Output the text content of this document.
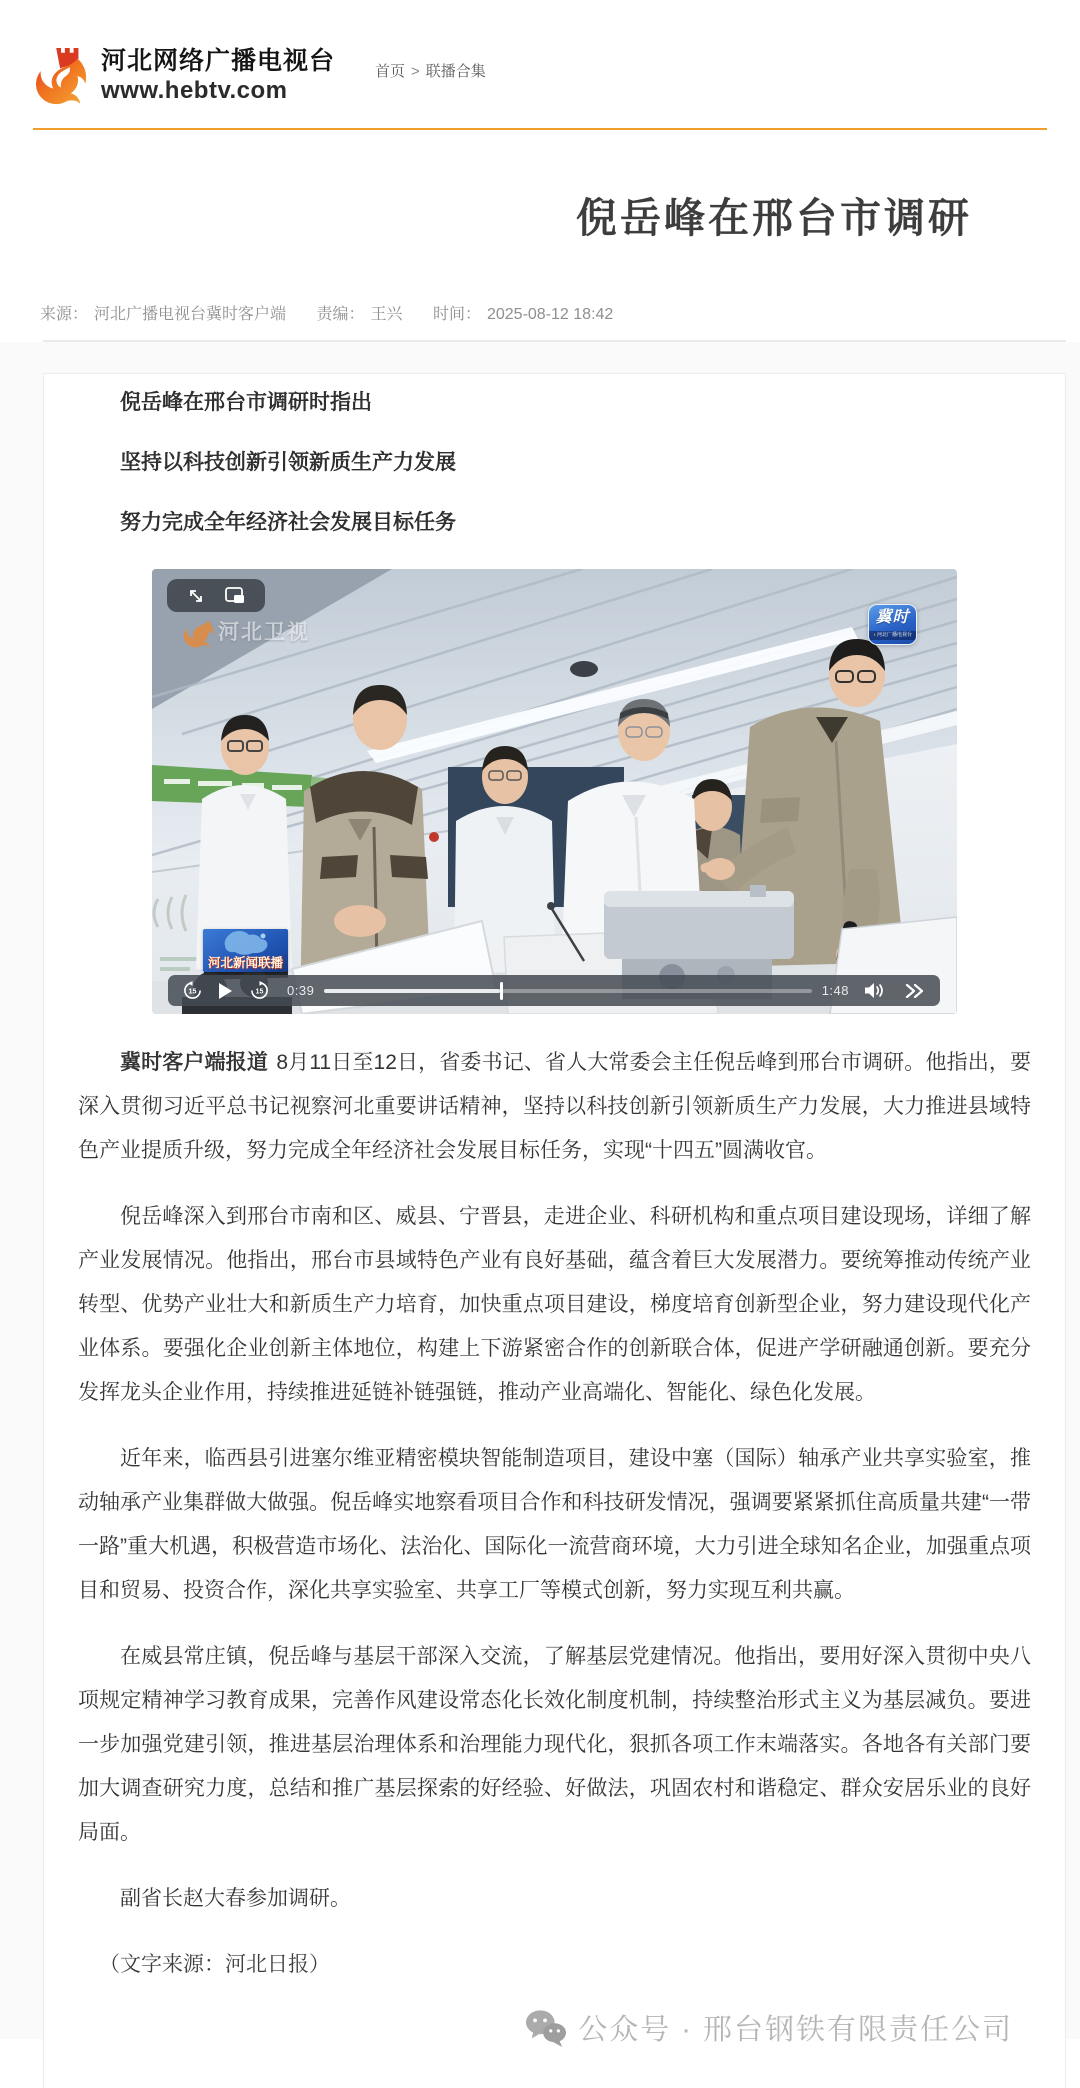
河北网络广播电视台
www.hebtv.com
首页 > 联播合集
倪岳峰在邢台市调研
来源： 河北广播电视台冀时客户端 责编： 王兴 时间： 2025-08-12 18:42

倪岳峰在邢台市调研时指出

坚持以科技创新引领新质生产力发展

努力完成全年经济社会发展目标任务

河北卫视
冀时
◖河北广播电视台
河北新闻联播
15	15 0:39	1:48

冀时客户端报道 8月11日至12日，省委书记、省人大常委会主任倪岳峰到邢台市调研。他指出，要深入贯彻习近平总书记视察河北重要讲话精神，坚持以科技创新引领新质生产力发展，大力推进县域特色产业提质升级，努力完成全年经济社会发展目标任务，实现“十四五”圆满收官。

倪岳峰深入到邢台市南和区、威县、宁晋县，走进企业、科研机构和重点项目建设现场，详细了解产业发展情况。他指出，邢台市县域特色产业有良好基础，蕴含着巨大发展潜力。要统筹推动传统产业转型、优势产业壮大和新质生产力培育，加快重点项目建设，梯度培育创新型企业，努力建设现代化产业体系。要强化企业创新主体地位，构建上下游紧密合作的创新联合体，促进产学研融通创新。要充分发挥龙头企业作用，持续推进延链补链强链，推动产业高端化、智能化、绿色化发展。

近年来，临西县引进塞尔维亚精密模块智能制造项目，建设中塞（国际）轴承产业共享实验室，推动轴承产业集群做大做强。倪岳峰实地察看项目合作和科技研发情况，强调要紧紧抓住高质量共建“一带一路”重大机遇，积极营造市场化、法治化、国际化一流营商环境，大力引进全球知名企业，加强重点项目和贸易、投资合作，深化共享实验室、共享工厂等模式创新，努力实现互利共赢。

在威县常庄镇，倪岳峰与基层干部深入交流，了解基层党建情况。他指出，要用好深入贯彻中央八项规定精神学习教育成果，完善作风建设常态化长效化制度机制，持续整治形式主义为基层减负。要进一步加强党建引领，推进基层治理体系和治理能力现代化，狠抓各项工作末端落实。各地各有关部门要加大调查研究力度，总结和推广基层探索的好经验、好做法，巩固农村和谐稳定、群众安居乐业的良好局面。

副省长赵大春参加调研。

（文字来源：河北日报）

公众号 · 邢台钢铁有限责任公司
